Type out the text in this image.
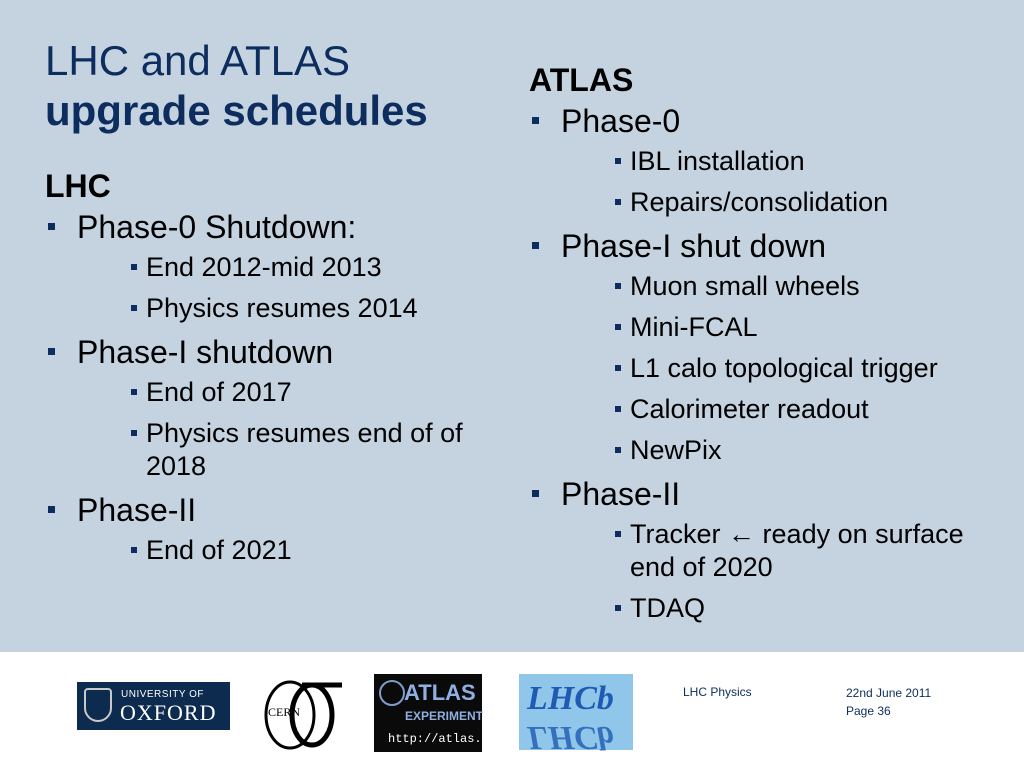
LHC and ATLAS
upgrade schedules
LHC
Phase-0 Shutdown:
End 2012-mid 2013
Physics resumes 2014
Phase-I shutdown
End of 2017
Physics resumes end of of 2018
Phase-II
End of 2021
ATLAS
Phase-0
IBL installation
Repairs/consolidation
Phase-I shut down
Muon small wheels
Mini-FCAL
L1 calo topological trigger
Calorimeter readout
NewPix
Phase-II
Tracker ← ready on surface end of 2020
TDAQ
UNIVERSITY OF
OXFORD	CERN
ATLAS
EXPERIMENT
http://atlas.ch
LHCb
LHCb
LHC Physics	22nd June 2011
Page 36
